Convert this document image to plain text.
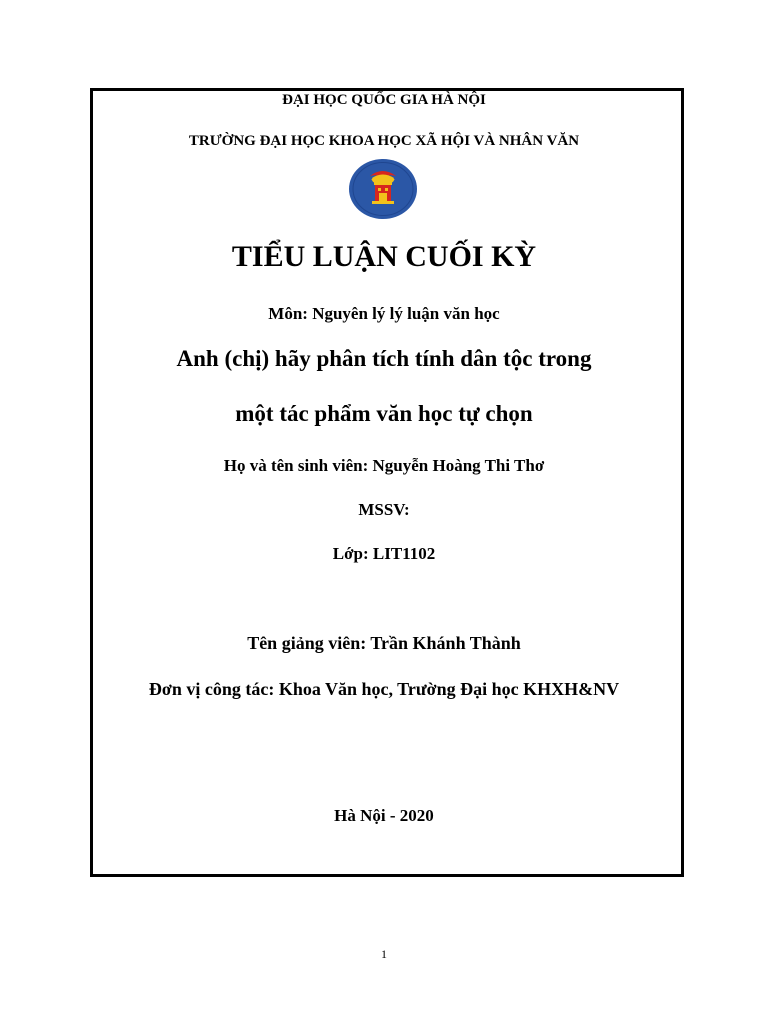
ĐẠI HỌC QUỐC GIA HÀ NỘI
TRƯỜNG ĐẠI HỌC KHOA HỌC XÃ HỘI VÀ NHÂN VĂN
TIỂU LUẬN CUỐI KỲ
Môn: Nguyên lý lý luận văn học
Anh (chị) hãy phân tích tính dân tộc trong
một tác phẩm văn học tự chọn
Họ và tên sinh viên: Nguyễn Hoàng Thi Thơ
MSSV:
Lớp: LIT1102
Tên giảng viên: Trần Khánh Thành
Đơn vị công tác: Khoa Văn học, Trường Đại học KHXH&NV
Hà Nội - 2020
1
